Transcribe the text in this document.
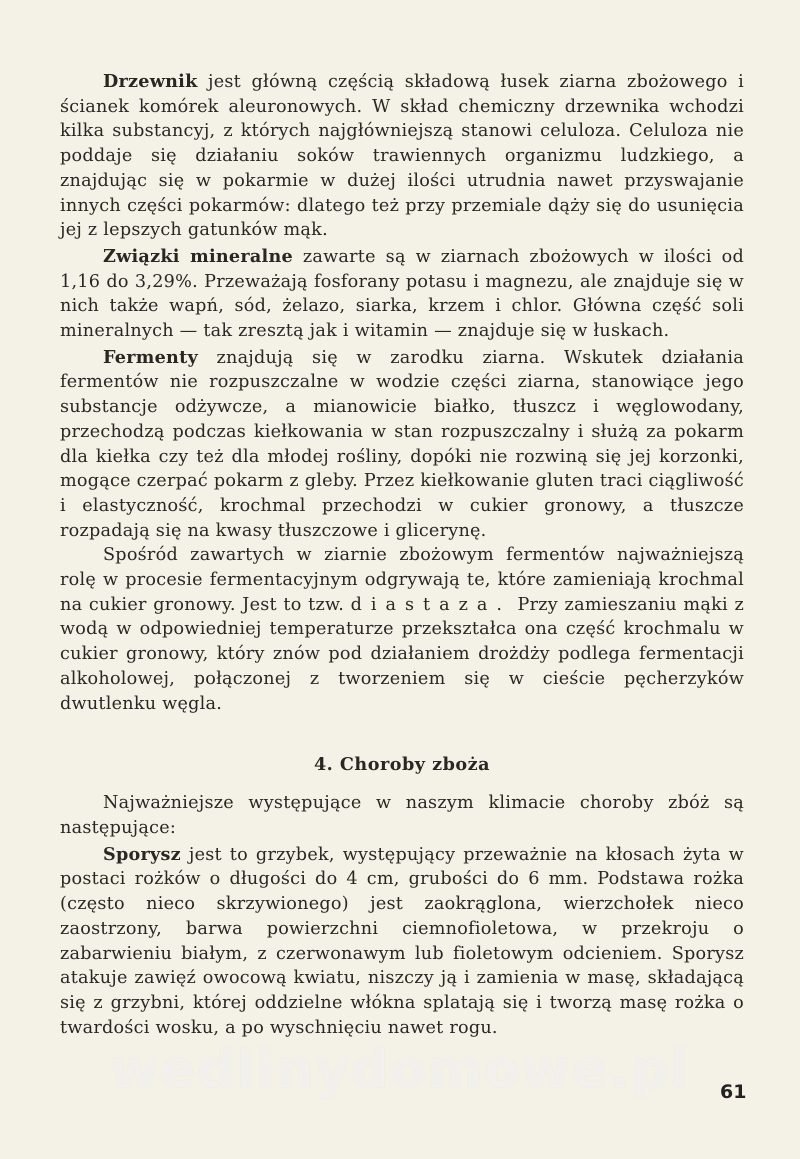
Drzewnik jest główną częścią składową łusek ziarna zbożowego i ścianek komórek aleuronowych. W skład chemiczny drzewnika wchodzi kilka substancyj, z których najgłówniejszą stanowi celuloza. Celuloza nie poddaje się działaniu soków trawiennych organizmu ludzkiego, a znajdując się w pokarmie w dużej ilości utrudnia nawet przyswajanie innych części pokarmów: dlatego też przy przemiale dąży się do usunięcia jej z lepszych gatunków mąk.

Związki mineralne zawarte są w ziarnach zbożowych w ilości od 1,16 do 3,29%. Przeważają fosforany potasu i magnezu, ale znajduje się w nich także wapń, sód, żelazo, siarka, krzem i chlor. Główna część soli mineralnych — tak zresztą jak i witamin — znajduje się w łuskach.

Fermenty znajdują się w zarodku ziarna. Wskutek działania fermentów nie rozpuszczalne w wodzie części ziarna, stanowiące jego substancje odżywcze, a mianowicie białko, tłuszcz i węglowodany, przechodzą podczas kiełkowania w stan rozpuszczalny i służą za pokarm dla kiełka czy też dla młodej rośliny, dopóki nie rozwiną się jej korzonki, mogące czerpać pokarm z gleby. Przez kiełkowanie gluten traci ciągliwość i elastyczność, krochmal przechodzi w cukier gronowy, a tłuszcze rozpadają się na kwasy tłuszczowe i glicerynę.

Spośród zawartych w ziarnie zbożowym fermentów najważniejszą rolę w procesie fermentacyjnym odgrywają te, które zamieniają krochmal na cukier gronowy. Jest to tzw. diastaza. Przy zamieszaniu mąki z wodą w odpowiedniej temperaturze przekształca ona część krochmalu w cukier gronowy, który znów pod działaniem drożdży podlega fermentacji alkoholowej, połączonej z tworzeniem się w cieście pęcherzyków dwutlenku węgla.

4. Choroby zboża

Najważniejsze występujące w naszym klimacie choroby zbóż są następujące:

Sporysz jest to grzybek, występujący przeważnie na kłosach żyta w postaci rożków o długości do 4 cm, grubości do 6 mm. Podstawa rożka (często nieco skrzywionego) jest zaokrąglona, wierzchołek nieco zaostrzony, barwa powierzchni ciemnofioletowa, w przekroju o zabarwieniu białym, z czerwonawym lub fioletowym odcieniem. Sporysz atakuje zawięź owocową kwiatu, niszczy ją i zamienia w masę, składającą się z grzybni, której oddzielne włókna splatają się i tworzą masę rożka o twardości wosku, a po wyschnięciu nawet rogu.

wedlinydomowe.pl	61
